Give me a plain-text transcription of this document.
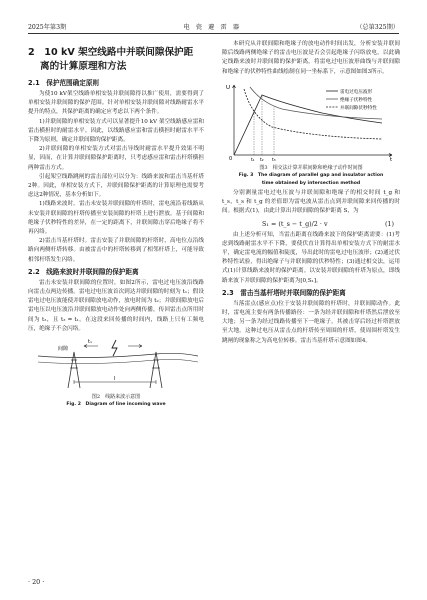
2025年第3期	电　瓷　避　雷　器	（总第325期）
2　10 kV 架空线路中并联间隙保护距
离的计算原理和方法
2.1　保护范围确定原则

为使10 kV架空线路单相安装并联间隙得以推广使用，需要得到了单相安装并联间隙的保护范围。针对单相安装并联间隙对线路耐雷水平提升的特点，其保护距离的确定应考虑以下两个条件。

1)并联间隙的单相安装方式可以显著提升10 kV 架空线路感应雷和雷击横担时的耐雷水平。因此，以线路感应雷和雷击横担时耐雷水平不下降为原则，确定并联间隙的保护距离。

2)并联间隙的单相安装方式对雷击导线时耐雷水平提升效果不明显，因而，在计算并联间隙保护距离时，只考虑感应雷和雷击杆塔横担两种雷击方式。

引起架空线路跳闸的雷击部位可以分为：线路来波和雷击当基杆塔2种。因此，单相安装方式下，并联间隙保护距离的计算原理也需要考虑这2种情况，基本分析如下。

1)线路来波时。雷击未安装并联间隙的杆塔时，雷电流沿着线路从未安装并联间隙的杆塔传播至安装间隙的杆塔上进行泄放。基于间隙和绝缘子伏秒特性的差异，在一定的距离下，并联间隙击穿后绝缘子将不再闪络。

2)雷击当基杆塔时。雷击安装了并联间隙的杆塔时，高电位点沿线路向两侧杆塔转移。由被雷击中的杆塔转移到了相邻杆塔上，可能导致相邻杆塔发生闪络。

2.2　线路来波时并联间隙的保护距离

雷击未安装并联间隙的位置时，如图2所示，雷电过电压波沿线路向雷击点两边传播。雷电过电压波首次到达并联间隙的时刻为 t₁；假设雷电过电压波能使并联间隙放电动作，放电时间为 t₂；并联间隙放电后雷电压以电压波沿并联间隙放电动作处向两侧传播，传回雷击点所用时间为 t₃，且 t₃ = t₁。在这段来回传播的时间内，线路上只有工频电压，绝缘子不会闪络。

间隙
tₓ
l

图2　线路来波示意图

Fig. 2　Diagram of line incoming wave

本研究从并联间隙和绝缘子的放电动作时间出发，分析安装并联间隙后线路两侧绝缘子的雷击电压波是否会引起绝缘子闪络放电，以此确定线路来波时并联间隙的保护距离。将雷电过电压波形曲线与并联间隙和绝缘子的伏秒特性曲线绘制在同一坐标系下，示意图如图3所示。

U
t
0	t₁ t₂ t₃
雷电过电压波形
绝缘子伏秒特性
并联间隙伏秒特性

图3　相交法计算并联间隙和绝缘子动作时间图

Fig. 3　The diagram of parallel gap and insulator action

time obtained by intersection method

分别测量雷电过电压波与并联间隙和绝缘子的相交时间 t_g 和 t_s，t_s 和 t_g 的差值即为雷电波从雷击点到并联间隙来回传播的时间。根据式(1)，由此计算出并联间隙的保护距离 S，为

S₁ = (t_s − t_g)/2 · v	(1)

由上述分析可知，当雷击距离在线路来波下的保护距离需要：(1)考虑到线路耐雷水平不下降，要使伏直计算得出单相安装方式下的耐雷水平，确定雷电流的幅值和陡度，导出此时的雷电过电压波形；(2)通过伏秒特性试验，得出绝缘子与并联间隙的伏秒特性；(3)通过相交法，运用式(1)计算线路来波时的保护距离。以安装并联间隙的杆塔为原点，即线路来波下并联间隙的保护距离为[0,S₁]。

2.3　雷击当基杆塔时并联间隙的保护距离

当落雷点(感应点)位于安装并联间隙的杆塔时，并联间隙动作。此时，雷电流主要有两条传播路径：一条为经并联间隙和杆塔然后泄放至大地；另一条为经过线路传播至下一绝缘子，其被击穿后经过杆塔泄放至大地。这种过电压从雷击点的杆塔传至周围的杆塔，使周围杆塔发生跳闸的现象称之为高电位转移。雷击当基杆塔示意图如图4。

· 20 ·
